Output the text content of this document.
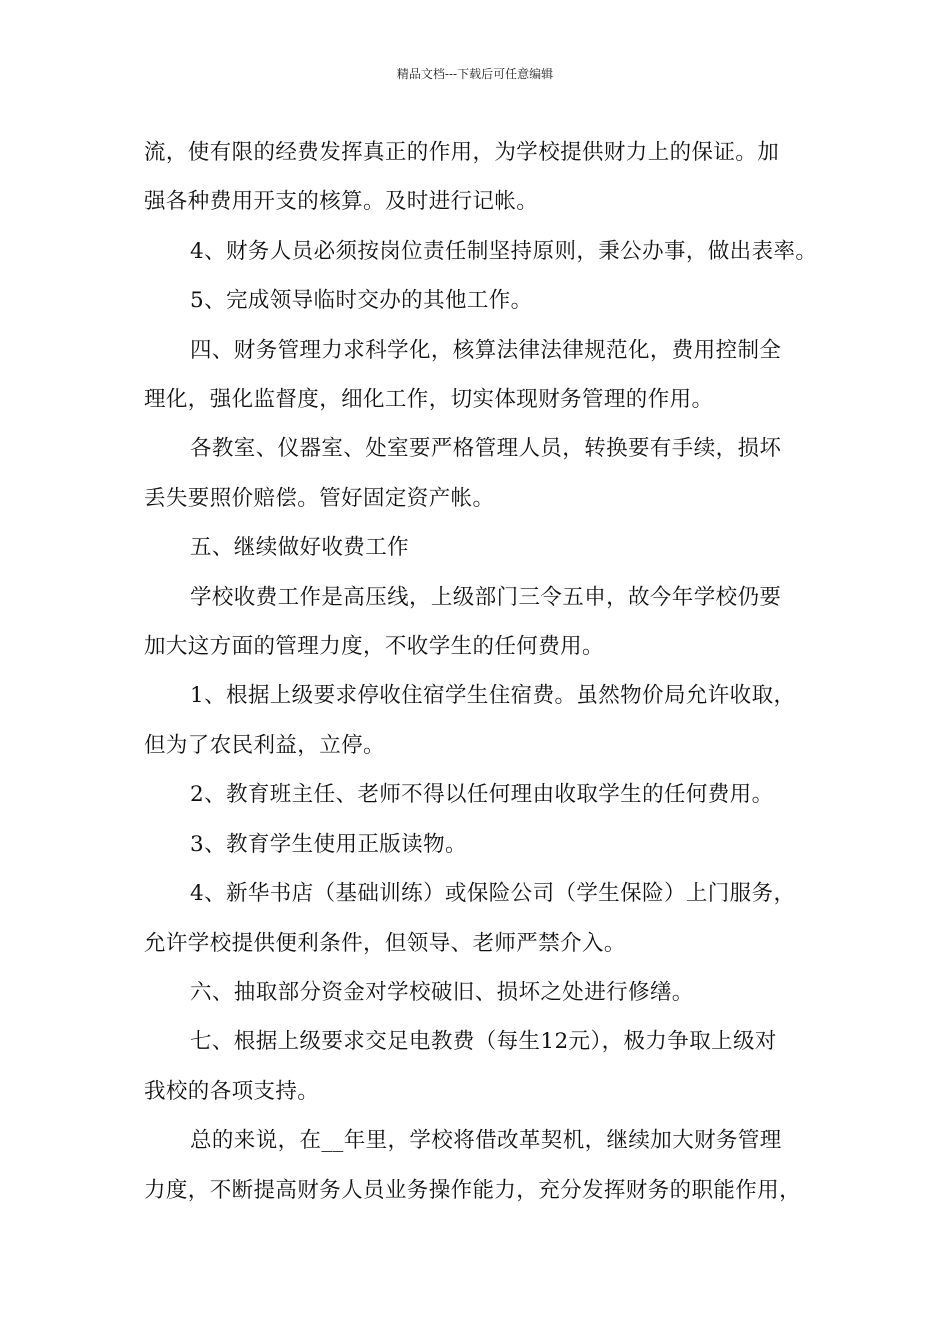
精品文档---下载后可任意编辑

流，使有限的经费发挥真正的作用，为学校提供财力上的保证。加

强各种费用开支的核算。及时进行记帐。

4、财务人员必须按岗位责任制坚持原则，秉公办事，做出表率。

5、完成领导临时交办的其他工作。

四、财务管理力求科学化，核算法律法律规范化，费用控制全

理化，强化监督度，细化工作，切实体现财务管理的作用。

各教室、仪器室、处室要严格管理人员，转换要有手续，损坏

丢失要照价赔偿。管好固定资产帐。

五、继续做好收费工作

学校收费工作是高压线，上级部门三令五申，故今年学校仍要

加大这方面的管理力度，不收学生的任何费用。

1、根据上级要求停收住宿学生住宿费。虽然物价局允许收取，

但为了农民利益，立停。

2、教育班主任、老师不得以任何理由收取学生的任何费用。

3、教育学生使用正版读物。

4、新华书店（基础训练）或保险公司（学生保险）上门服务，

允许学校提供便利条件，但领导、老师严禁介入。

六、抽取部分资金对学校破旧、损坏之处进行修缮。

七、根据上级要求交足电教费（每生12元），极力争取上级对

我校的各项支持。

总的来说，在__年里，学校将借改革契机，继续加大财务管理

力度，不断提高财务人员业务操作能力，充分发挥财务的职能作用，
